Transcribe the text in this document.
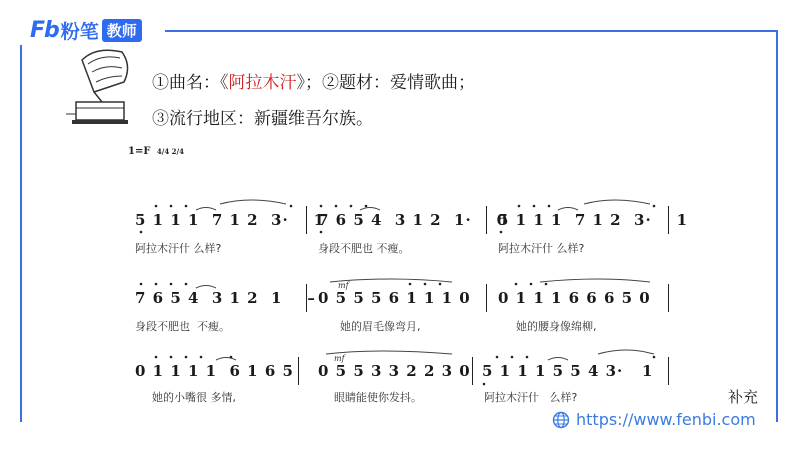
Fb 粉笔 教师
①曲名：《阿拉木汗》；②题材：爱情歌曲；
③流行地区：新疆维吾尔族。
1=F 4/4 2/4
5 1 1 1  7 1 2  3·    1
7 6 5 4  3 1 2  1·    0
5 1 1 1  7 1 2  3·    1
阿拉木汗什 么样?	身段不肥也 不瘦。	阿拉木汗什 么样?
7 6 5 4  3 1 2  1    – 0 5 5 5 6 1 1 1 0 0 1 1 1 6 6 6 5 0
身段不肥也  不瘦。	她的眉毛像弯月,	她的腰身像绵柳,
mf
0 1 1 1 1  6 1 6 5 0 5 5 3 3 2 2 3 0 5 1 1 1 5 5 4 3·   1
她的小嘴很 多情,	眼睛能使你发抖。	阿拉木汗什   么样?
mf
补充
https://www.fenbi.com
